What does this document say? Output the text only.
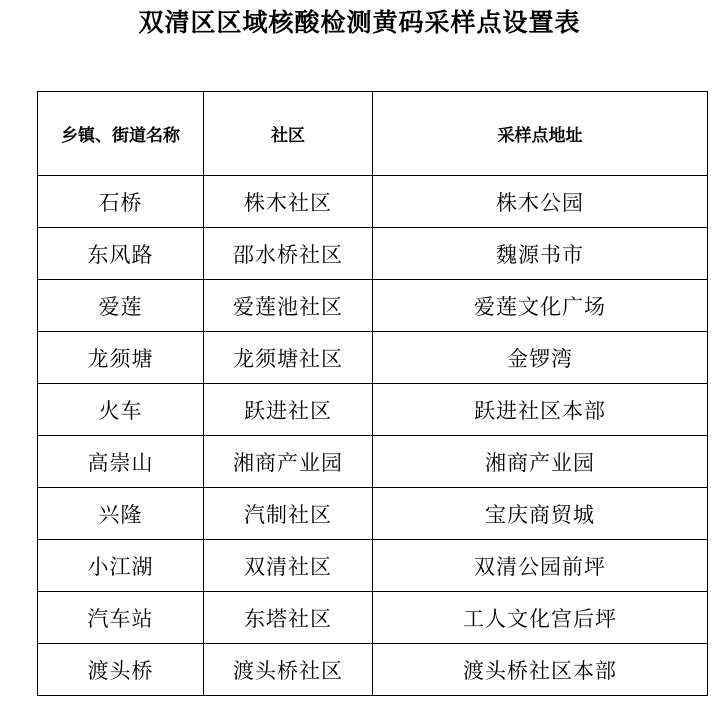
双清区区域核酸检测黄码采样点设置表
乡镇、街道名称	社区	采样点地址
石桥	株木社区	株木公园
东风路	邵水桥社区	魏源书市
爱莲	爱莲池社区	爱莲文化广场
龙须塘	龙须塘社区	金锣湾
火车	跃进社区	跃进社区本部
高崇山	湘商产业园	湘商产业园
兴隆	汽制社区	宝庆商贸城
小江湖	双清社区	双清公园前坪
汽车站	东塔社区	工人文化宫后坪
渡头桥	渡头桥社区	渡头桥社区本部
